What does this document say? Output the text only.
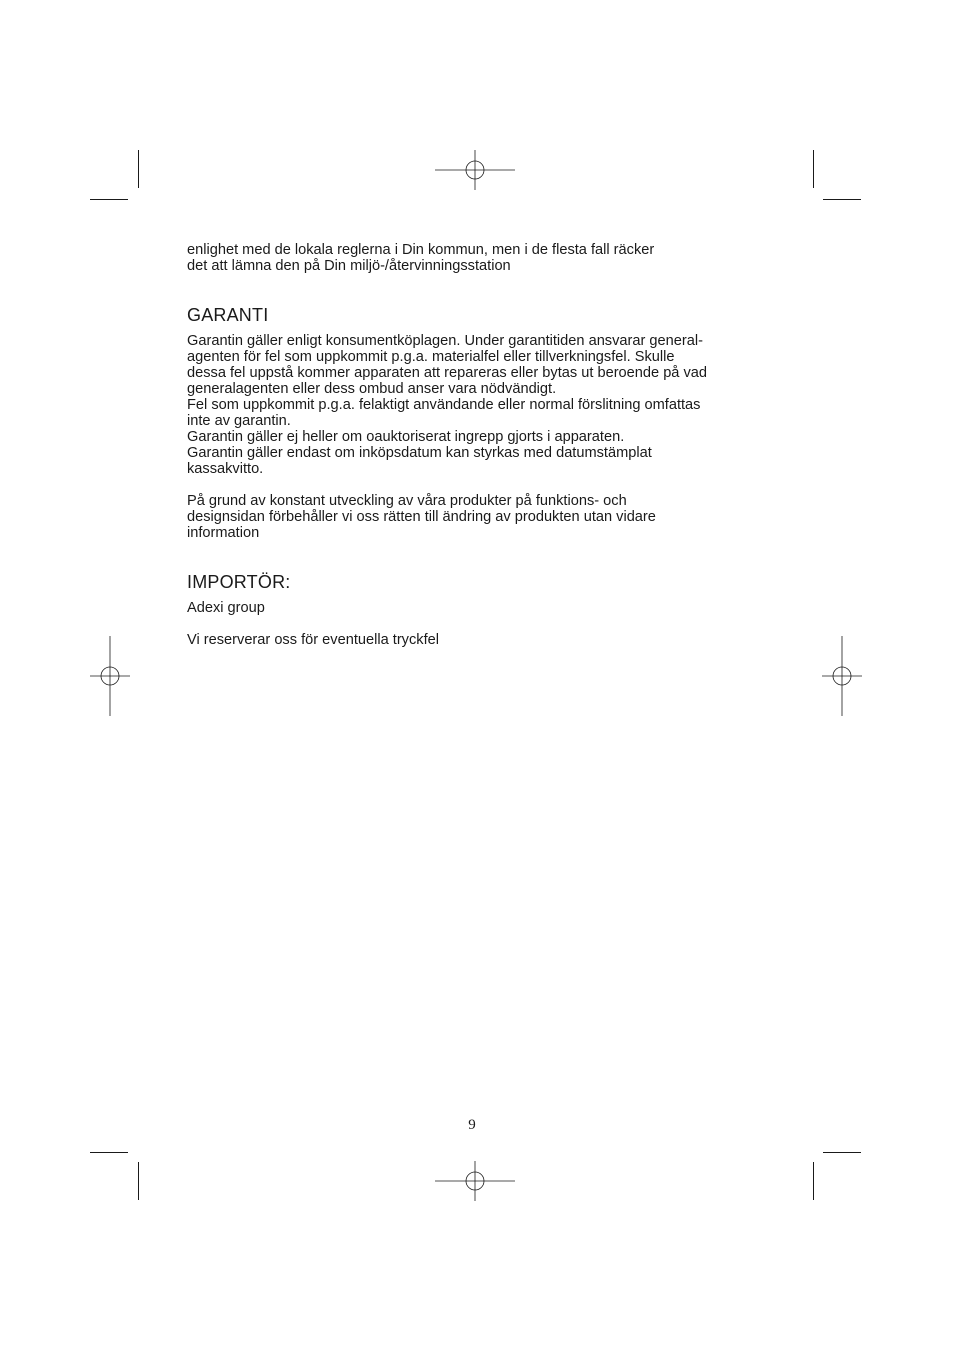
enlighet med de lokala reglerna i Din kommun, men i de flesta fall räcker
det att lämna den på Din miljö-/återvinningsstation

GARANTI

Garantin gäller enligt konsumentköplagen. Under garantitiden ansvarar general-
agenten för fel som uppkommit p.g.a. materialfel eller tillverkningsfel. Skulle
dessa fel uppstå kommer apparaten att repareras eller bytas ut beroende på vad
generalagenten eller dess ombud anser vara nödvändigt.
Fel som uppkommit p.g.a. felaktigt användande eller normal förslitning omfattas
inte av garantin.
Garantin gäller ej heller om oauktoriserat ingrepp gjorts i apparaten.
Garantin gäller endast om inköpsdatum kan styrkas med datumstämplat
kassakvitto.

På grund av konstant utveckling av våra produkter på funktions- och
designsidan förbehåller vi oss rätten till ändring av produkten utan vidare
information

IMPORTÖR:

Adexi group

Vi reserverar oss för eventuella tryckfel

9
